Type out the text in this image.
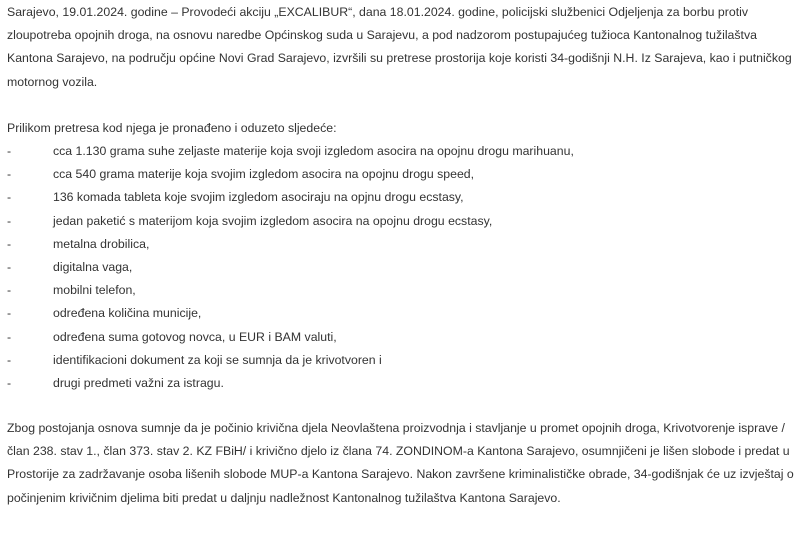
Sarajevo, 19.01.2024. godine – Provodeći akciju „EXCALIBUR“, dana 18.01.2024. godine, policijski službenici Odjeljenja za borbu protiv zloupotreba opojnih droga, na osnovu naredbe Općinskog suda u Sarajevu, a pod nadzorom postupajućeg tužioca Kantonalnog tužilaštva Kantona Sarajevo, na području općine Novi Grad Sarajevo, izvršili su pretrese prostorija koje koristi 34-godišnji N.H. Iz Sarajeva, kao i putničkog motornog vozila.

Prilikom pretresa kod njega je pronađeno i oduzeto sljedeće:

-	cca 1.130 grama suhe zeljaste materije koja svoji izgledom asocira na opojnu drogu marihuanu,
-	cca 540 grama materije koja svojim izgledom asocira na opojnu drogu speed,
-	136 komada tableta koje svojim izgledom asociraju na opjnu drogu ecstasy,
-	jedan paketić s materijom koja svojim izgledom asocira na opojnu drogu ecstasy,
-	metalna drobilica,
-	digitalna vaga,
-	mobilni telefon,
-	određena količina municije,
-	određena suma gotovog novca, u EUR i BAM valuti,
-	identifikacioni dokument za koji se sumnja da je krivotvoren i
-	drugi predmeti važni za istragu.

Zbog postojanja osnova sumnje da je počinio krivična djela Neovlaštena proizvodnja i stavljanje u promet opojnih droga, Krivotvorenje isprave /član 238. stav 1., član 373. stav 2. KZ FBiH/ i krivično djelo iz člana 74. ZONDINOM-a Kantona Sarajevo, osumnjičeni je lišen slobode i predat u Prostorije za zadržavanje osoba lišenih slobode MUP-a Kantona Sarajevo. Nakon završene kriminalističke obrade, 34-godišnjak će uz izvještaj o počinjenim krivičnim djelima biti predat u daljnju nadležnost Kantonalnog tužilaštva Kantona Sarajevo.
